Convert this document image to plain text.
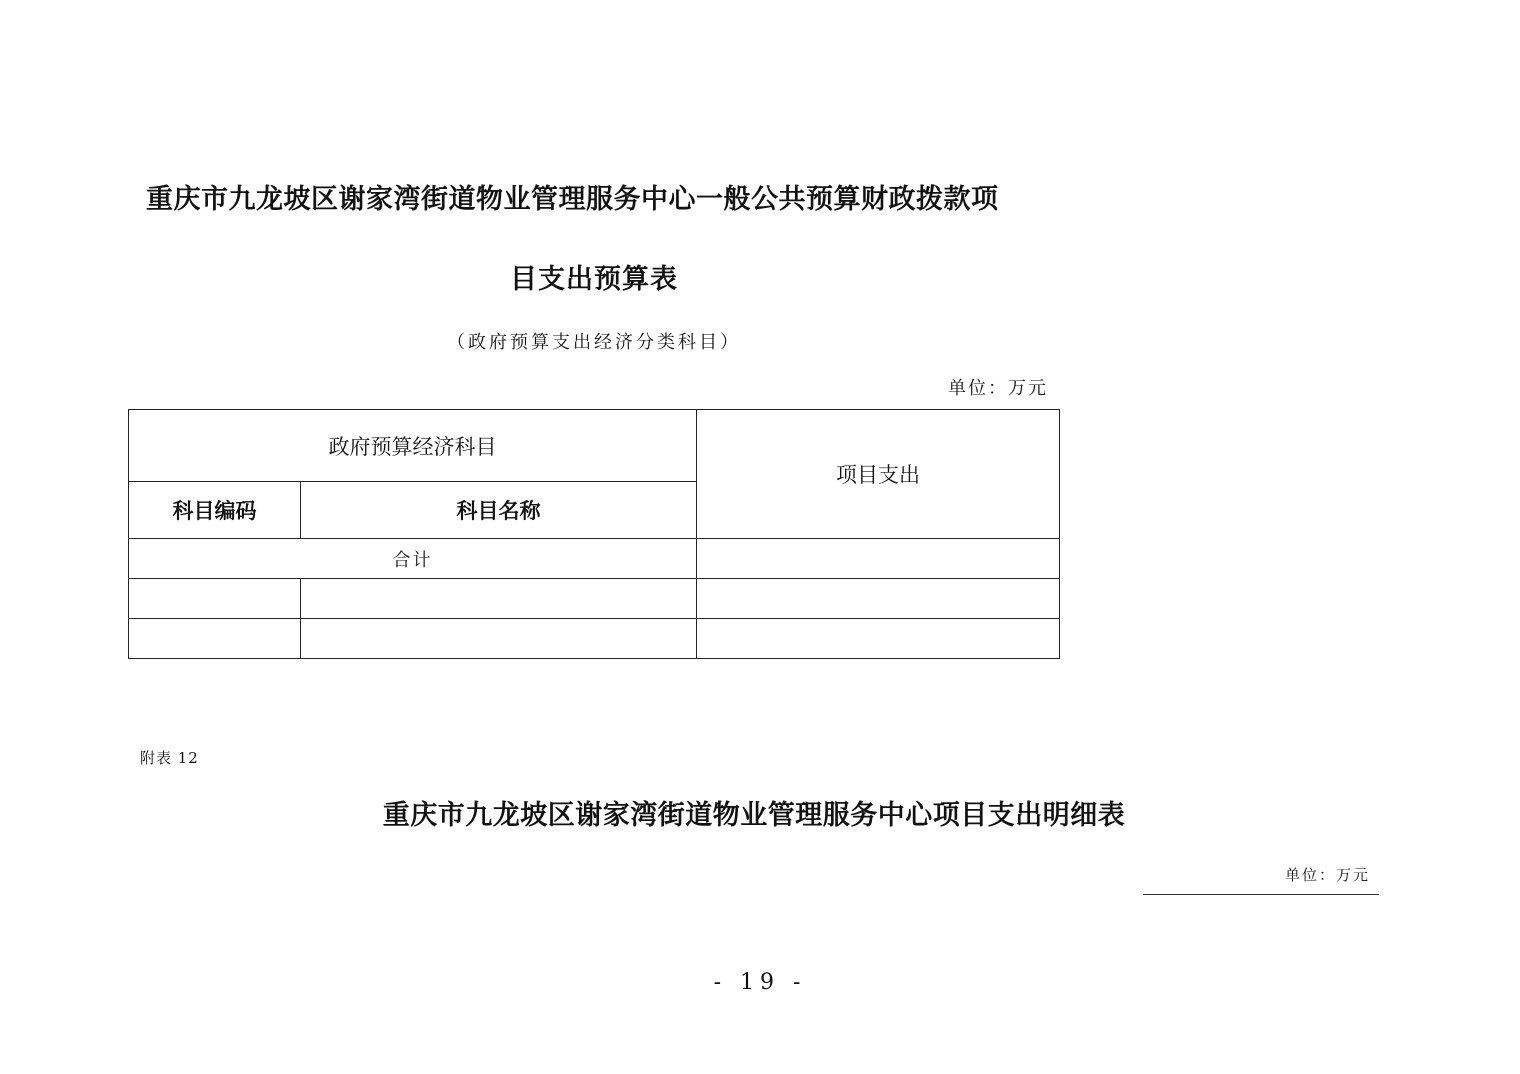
重庆市九龙坡区谢家湾街道物业管理服务中心一般公共预算财政拨款项
目支出预算表
（政府预算支出经济分类科目）
单位：万元
政府预算经济科目		项目支出
科目编码	科目名称	
合计		

附表 12
重庆市九龙坡区谢家湾街道物业管理服务中心项目支出明细表
单位：万元
- 19 -
